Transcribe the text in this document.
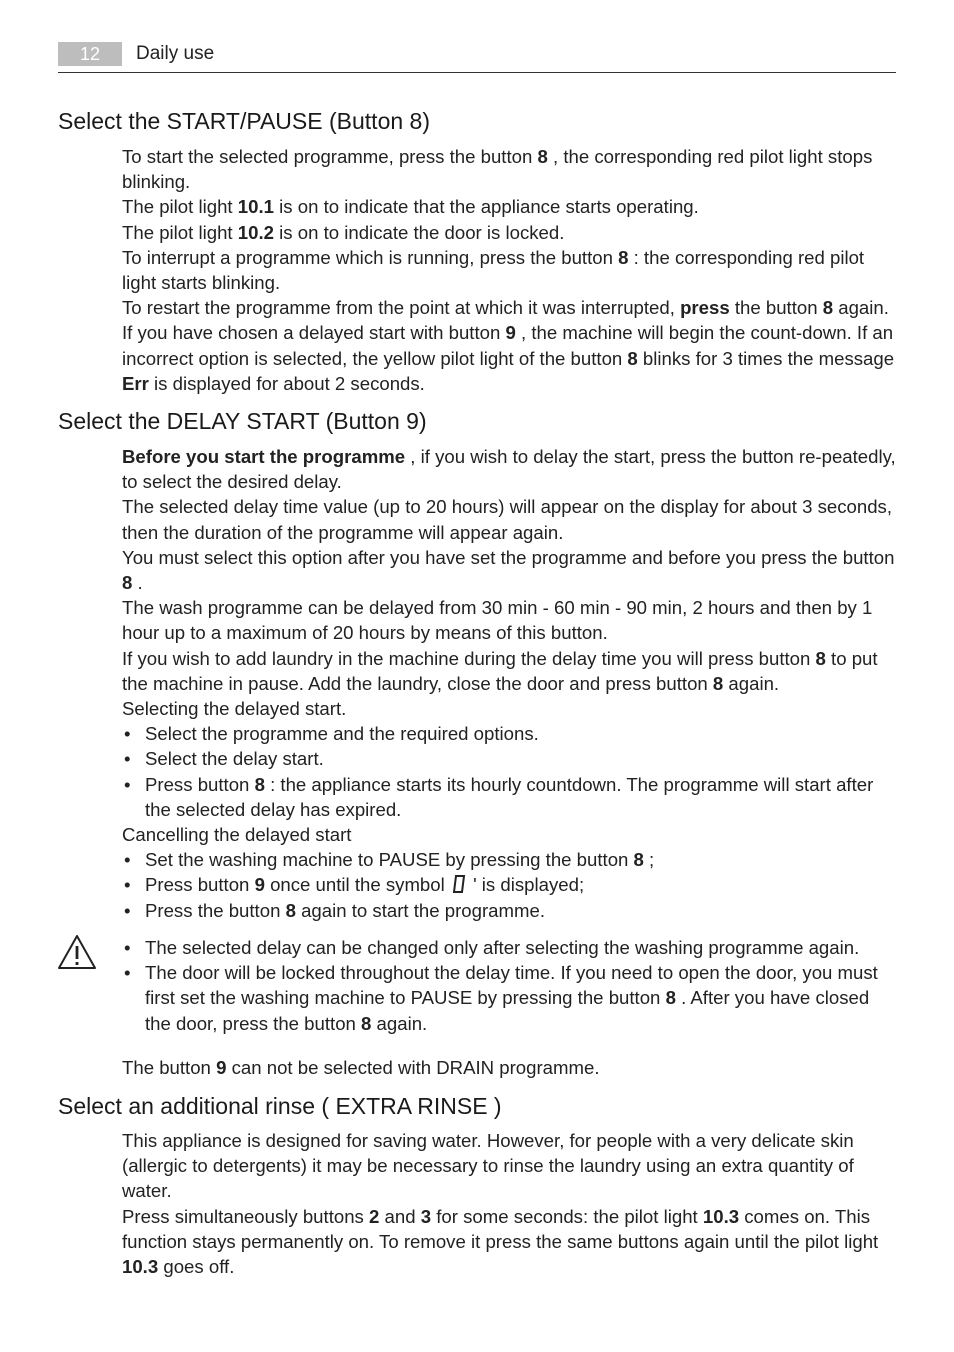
12	Daily use
Select the START/PAUSE (Button 8)

To start the selected programme, press the button 8 , the corresponding red pilot light stops blinking.

The pilot light 10.1 is on to indicate that the appliance starts operating.

The pilot light 10.2 is on to indicate the door is locked.

To interrupt a programme which is running, press the button 8 : the corresponding red pilot light starts blinking.

To restart the programme from the point at which it was interrupted, press the button 8 again. If you have chosen a delayed start with button 9 , the machine will begin the count-down. If an incorrect option is selected, the yellow pilot light of the button 8 blinks for 3 times the message Err is displayed for about 2 seconds.

Select the DELAY START (Button 9)

Before you start the programme , if you wish to delay the start, press the button re-peatedly, to select the desired delay.

The selected delay time value (up to 20 hours) will appear on the display for about 3 seconds, then the duration of the programme will appear again.

You must select this option after you have set the programme and before you press the button 8 .

The wash programme can be delayed from 30 min - 60 min - 90 min, 2 hours and then by 1 hour up to a maximum of 20 hours by means of this button.

If you wish to add laundry in the machine during the delay time you will press button 8 to put the machine in pause. Add the laundry, close the door and press button 8 again.

Selecting the delayed start.

• Select the programme and the required options.
• Select the delay start.
• Press button 8 : the appliance starts its hourly countdown. The programme will start after the selected delay has expired.

Cancelling the delayed start

• Set the washing machine to PAUSE by pressing the button 8 ;
• Press button 9 once until the symbol  ' is displayed;
• Press the button 8 again to start the programme.
• The selected delay can be changed only after selecting the washing programme again.
• The door will be locked throughout the delay time. If you need to open the door, you must first set the washing machine to PAUSE by pressing the button 8 . After you have closed the door, press the button 8 again.

The button 9 can not be selected with DRAIN programme.

Select an additional rinse ( EXTRA RINSE )

This appliance is designed for saving water. However, for people with a very delicate skin (allergic to detergents) it may be necessary to rinse the laundry using an extra quantity of water.

Press simultaneously buttons 2 and 3 for some seconds: the pilot light 10.3 comes on. This function stays permanently on. To remove it press the same buttons again until the pilot light 10.3 goes off.
